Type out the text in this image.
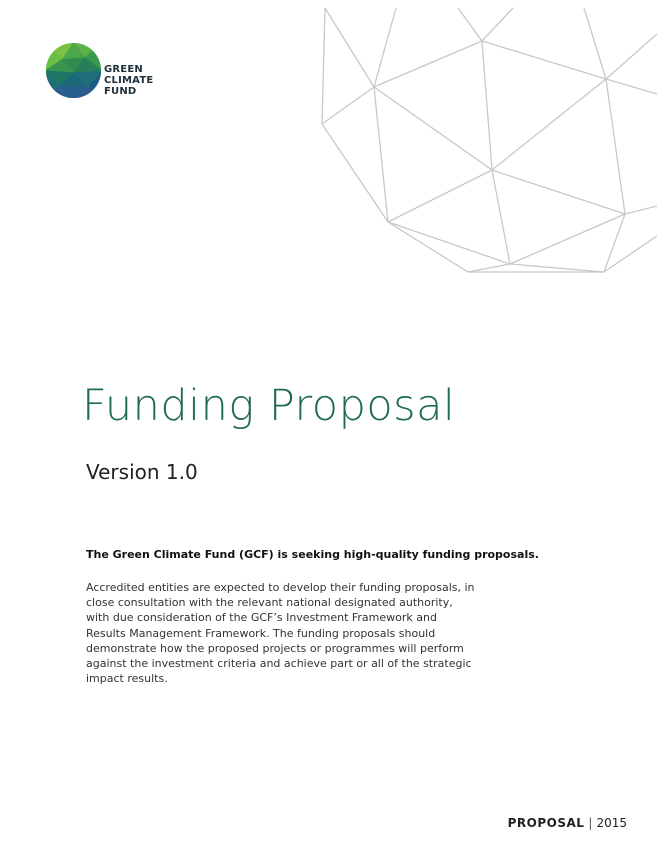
GREEN
CLIMATE
FUND
Funding Proposal
Version 1.0
The Green Climate Fund (GCF) is seeking high-quality funding proposals.

Accredited entities are expected to develop their funding proposals, in close consultation with the relevant national designated authority, with due consideration of the GCF’s Investment Framework and Results Management Framework. The funding proposals should demonstrate how the proposed projects or programmes will perform against the investment criteria and achieve part or all of the strategic impact results.

PROPOSAL | 2015
